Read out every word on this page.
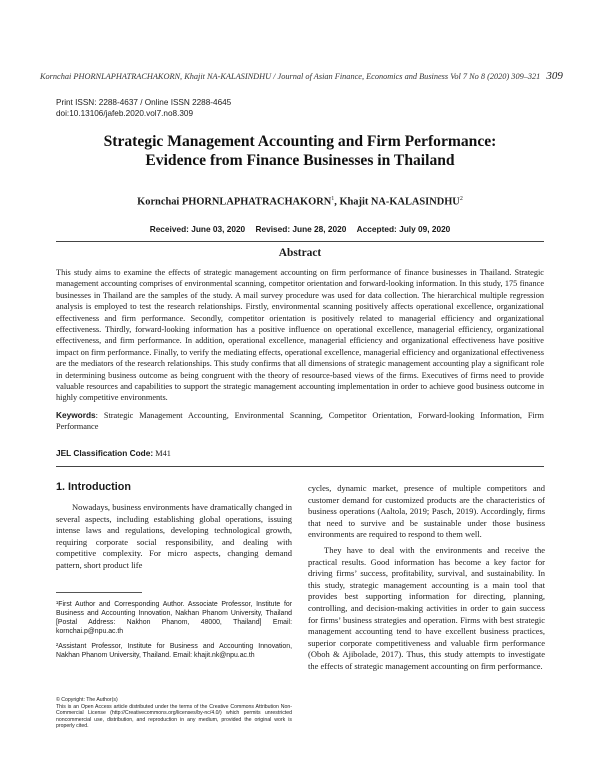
Kornchai PHORNLAPHATRACHAKORN, Khajit NA-KALASINDHU / Journal of Asian Finance, Economics and Business Vol 7 No 8 (2020) 309–321 309
Print ISSN: 2288-4637 / Online ISSN 2288-4645
doi:10.13106/jafeb.2020.vol7.no8.309
Strategic Management Accounting and Firm Performance:
Evidence from Finance Businesses in Thailand
Kornchai PHORNLAPHATRACHAKORN$^1$, Khajit NA-KALASINDHU$^2$
Received: June 03, 2020 Revised: June 28, 2020 Accepted: July 09, 2020
Abstract
This study aims to examine the effects of strategic management accounting on firm performance of finance businesses in Thailand. Strategic management accounting comprises of environmental scanning, competitor orientation and forward-looking information. In this study, 175 finance businesses in Thailand are the samples of the study. A mail survey procedure was used for data collection. The hierarchical multiple regression analysis is employed to test the research relationships. Firstly, environmental scanning positively affects operational excellence, organizational effectiveness and firm performance. Secondly, competitor orientation is positively related to managerial efficiency and organizational effectiveness. Thirdly, forward-looking information has a positive influence on operational excellence, managerial efficiency, organizational effectiveness, and firm performance. In addition, operational excellence, managerial efficiency and organizational effectiveness have positive impact on firm performance. Finally, to verify the mediating effects, operational excellence, managerial efficiency and organizational effectiveness are the mediators of the research relationships. This study confirms that all dimensions of strategic management accounting play a significant role in determining business outcome as being congruent with the theory of resource-based views of the firms. Executives of firms need to provide valuable resources and capabilities to support the strategic management accounting implementation in order to achieve good business outcome in highly competitive environments.
Keywords: Strategic Management Accounting, Environmental Scanning, Competitor Orientation, Forward-looking Information, Firm Performance
JEL Classification Code: M41
1. Introduction

Nowadays, business environments have dramatically changed in several aspects, including establishing global operations, issuing intense laws and regulations, developing technological growth, requiring corporate social responsibility, and dealing with competitive complexity. For micro aspects, changing demand pattern, short product life

cycles, dynamic market, presence of multiple competitors and customer demand for customized products are the characteristics of business operations (Aaltola, 2019; Pasch, 2019). Accordingly, firms that need to survive and be sustainable under those business environments are required to respond to them well.

They have to deal with the environments and receive the practical results. Good information has become a key factor for driving firms’ success, profitability, survival, and sustainability. In this study, strategic management accounting is a main tool that provides best supporting information for directing, planning, controlling, and decision-making activities in order to gain success for firms’ business strategies and operation. Firms with best strategic management accounting tend to have excellent business practices, superior corporate competitiveness and valuable firm performance (Oboh & Ajibolade, 2017). Thus, this study attempts to investigate the effects of strategic management accounting on firm performance.

¹First Author and Corresponding Author. Associate Professor, Institute for Business and Accounting Innovation, Nakhan Phanom University, Thailand [Postal Address: Nakhon Phanom, 48000, Thailand] Email: kornchai.p@npu.ac.th
²Assistant Professor, Institute for Business and Accounting Innovation, Nakhan Phanom University, Thailand. Email: khajit.nk@npu.ac.th
© Copyright: The Author(s)
This is an Open Access article distributed under the terms of the Creative Commons Attribution Non-Commercial License (http://Creativecommons.org/licenses/by-nc/4.0/) which permits unrestricted noncommercial use, distribution, and reproduction in any medium, provided the original work is properly cited.
